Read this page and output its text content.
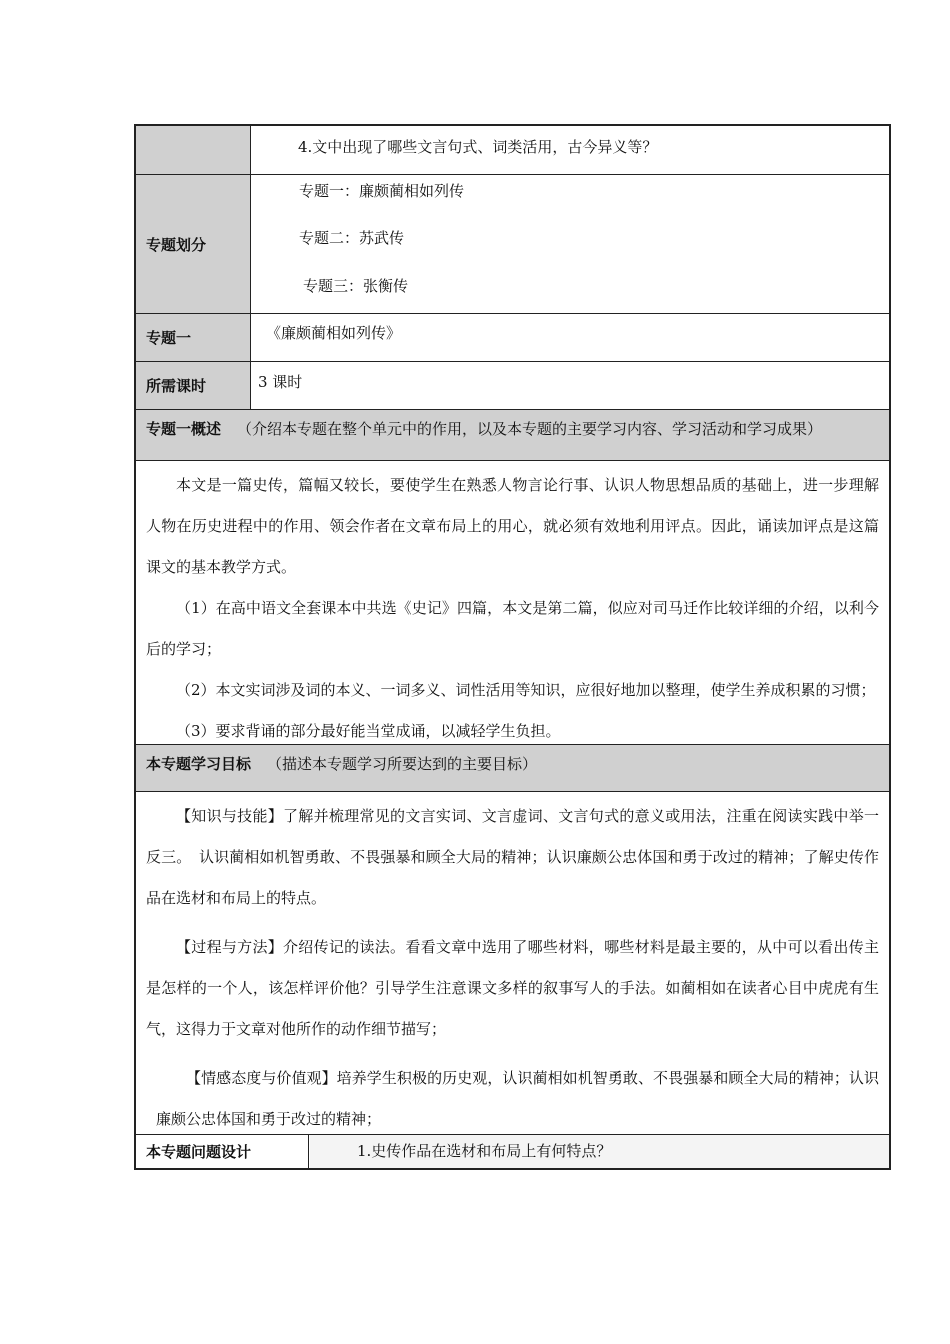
4.文中出现了哪些文言句式、词类活用，古今异义等？
专题划分
专题一：廉颇蔺相如列传
专题二：苏武传
专题三：张衡传
专题一	《廉颇蔺相如列传》
所需课时	3 课时
专题一概述 （介绍本专题在整个单元中的作用，以及本专题的主要学习内容、学习活动和学习成果）

本文是一篇史传，篇幅又较长，要使学生在熟悉人物言论行事、认识人物思想品质的基础上，进一步理解人物在历史进程中的作用、领会作者在文章布局上的用心，就必须有效地利用评点。因此，诵读加评点是这篇课文的基本教学方式。

（1）在高中语文全套课本中共选《史记》四篇，本文是第二篇，似应对司马迁作比较详细的介绍，以利今后的学习；

（2）本文实词涉及词的本义、一词多义、词性活用等知识，应很好地加以整理，使学生养成积累的习惯；

（3）要求背诵的部分最好能当堂成诵，以减轻学生负担。

本专题学习目标 （描述本专题学习所要达到的主要目标）

【知识与技能】了解并梳理常见的文言实词、文言虚词、文言句式的意义或用法，注重在阅读实践中举一反三。　认识蔺相如机智勇敢、不畏强暴和顾全大局的精神；认识廉颇公忠体国和勇于改过的精神；了解史传作品在选材和布局上的特点。

【过程与方法】介绍传记的读法。看看文章中选用了哪些材料，哪些材料是最主要的，从中可以看出传主是怎样的一个人，该怎样评价他？引导学生注意课文多样的叙事写人的手法。如蔺相如在读者心目中虎虎有生气，这得力于文章对他所作的动作细节描写；

【情感态度与价值观】培养学生积极的历史观，认识蔺相如机智勇敢、不畏强暴和顾全大局的精神；认识廉颇公忠体国和勇于改过的精神；

本专题问题设计	1.史传作品在选材和布局上有何特点？
